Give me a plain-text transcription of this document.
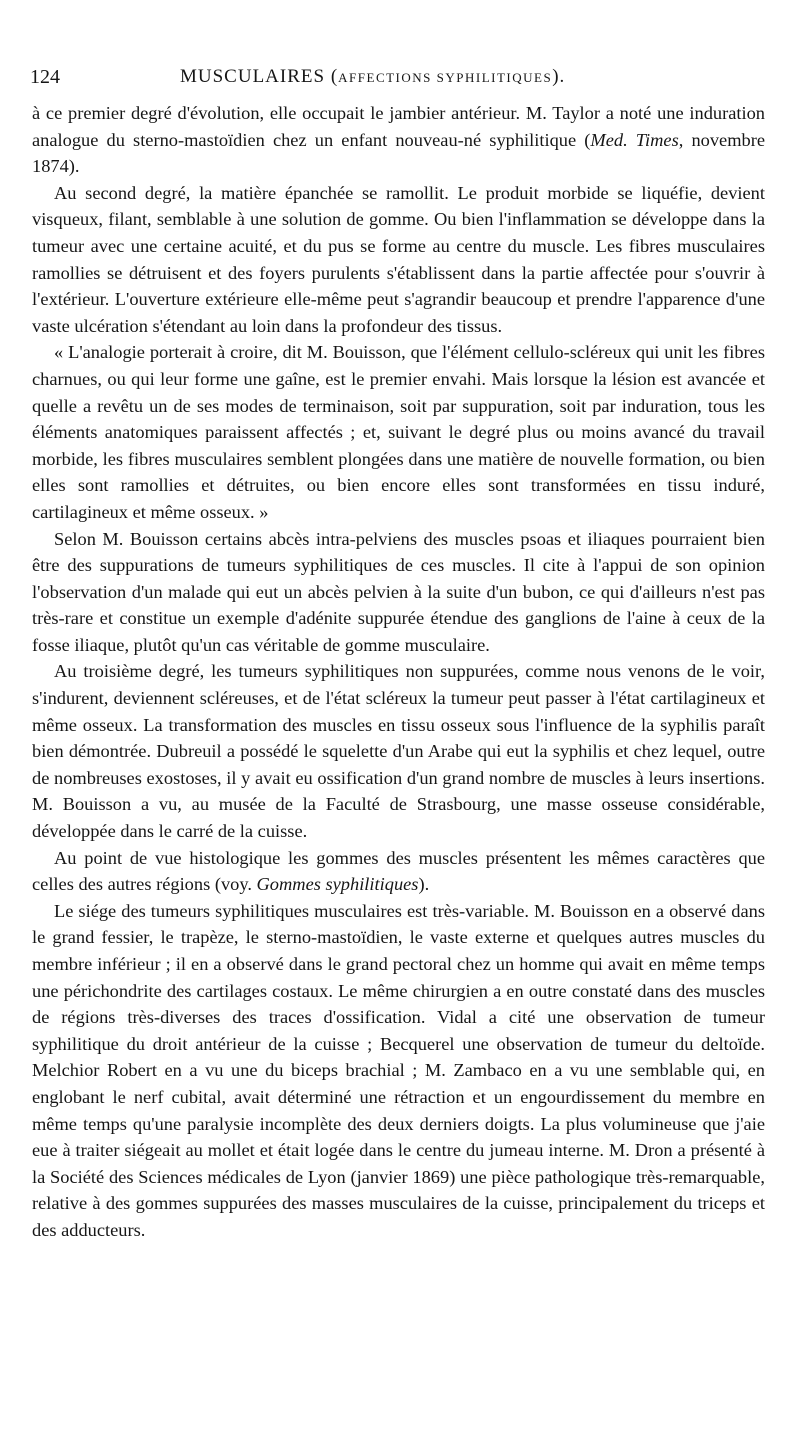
124	MUSCULAIRES (AFFECTIONS SYPHILITIQUES).

à ce premier degré d'évolution, elle occupait le jambier antérieur. M. Taylor a noté une induration analogue du sterno-mastoïdien chez un enfant nouveau-né syphilitique (Med. Times, novembre 1874).

Au second degré, la matière épanchée se ramollit. Le produit morbide se liquéfie, devient visqueux, filant, semblable à une solution de gomme. Ou bien l'inflammation se développe dans la tumeur avec une certaine acuité, et du pus se forme au centre du muscle. Les fibres musculaires ramollies se détruisent et des foyers purulents s'établissent dans la partie affectée pour s'ouvrir à l'extérieur. L'ouverture extérieure elle-même peut s'agrandir beaucoup et prendre l'apparence d'une vaste ulcération s'étendant au loin dans la profondeur des tissus.

« L'analogie porterait à croire, dit M. Bouisson, que l'élément cellulo-scléreux qui unit les fibres charnues, ou qui leur forme une gaîne, est le premier envahi. Mais lorsque la lésion est avancée et quelle a revêtu un de ses modes de terminaison, soit par suppuration, soit par induration, tous les éléments anatomiques paraissent affectés ; et, suivant le degré plus ou moins avancé du travail morbide, les fibres musculaires semblent plongées dans une matière de nouvelle formation, ou bien elles sont ramollies et détruites, ou bien encore elles sont transformées en tissu induré, cartilagineux et même osseux. »

Selon M. Bouisson certains abcès intra-pelviens des muscles psoas et iliaques pourraient bien être des suppurations de tumeurs syphilitiques de ces muscles. Il cite à l'appui de son opinion l'observation d'un malade qui eut un abcès pelvien à la suite d'un bubon, ce qui d'ailleurs n'est pas très-rare et constitue un exemple d'adénite suppurée étendue des ganglions de l'aine à ceux de la fosse iliaque, plutôt qu'un cas véritable de gomme musculaire.

Au troisième degré, les tumeurs syphilitiques non suppurées, comme nous venons de le voir, s'indurent, deviennent scléreuses, et de l'état scléreux la tumeur peut passer à l'état cartilagineux et même osseux. La transformation des muscles en tissu osseux sous l'influence de la syphilis paraît bien démontrée. Dubreuil a possédé le squelette d'un Arabe qui eut la syphilis et chez lequel, outre de nombreuses exostoses, il y avait eu ossification d'un grand nombre de muscles à leurs insertions. M. Bouisson a vu, au musée de la Faculté de Strasbourg, une masse osseuse considérable, développée dans le carré de la cuisse.

Au point de vue histologique les gommes des muscles présentent les mêmes caractères que celles des autres régions (voy. Gommes syphilitiques).

Le siége des tumeurs syphilitiques musculaires est très-variable. M. Bouisson en a observé dans le grand fessier, le trapèze, le sterno-mastoïdien, le vaste externe et quelques autres muscles du membre inférieur ; il en a observé dans le grand pectoral chez un homme qui avait en même temps une périchondrite des cartilages costaux. Le même chirurgien a en outre constaté dans des muscles de régions très-diverses des traces d'ossification. Vidal a cité une observation de tumeur syphilitique du droit antérieur de la cuisse ; Becquerel une observation de tumeur du deltoïde. Melchior Robert en a vu une du biceps brachial ; M. Zambaco en a vu une semblable qui, en englobant le nerf cubital, avait déterminé une rétraction et un engourdissement du membre en même temps qu'une paralysie incomplète des deux derniers doigts. La plus volumineuse que j'aie eue à traiter siégeait au mollet et était logée dans le centre du jumeau interne. M. Dron a présenté à la Société des Sciences médicales de Lyon (janvier 1869) une pièce pathologique très-remarquable, relative à des gommes suppurées des masses musculaires de la cuisse, principalement du triceps et des adducteurs.
